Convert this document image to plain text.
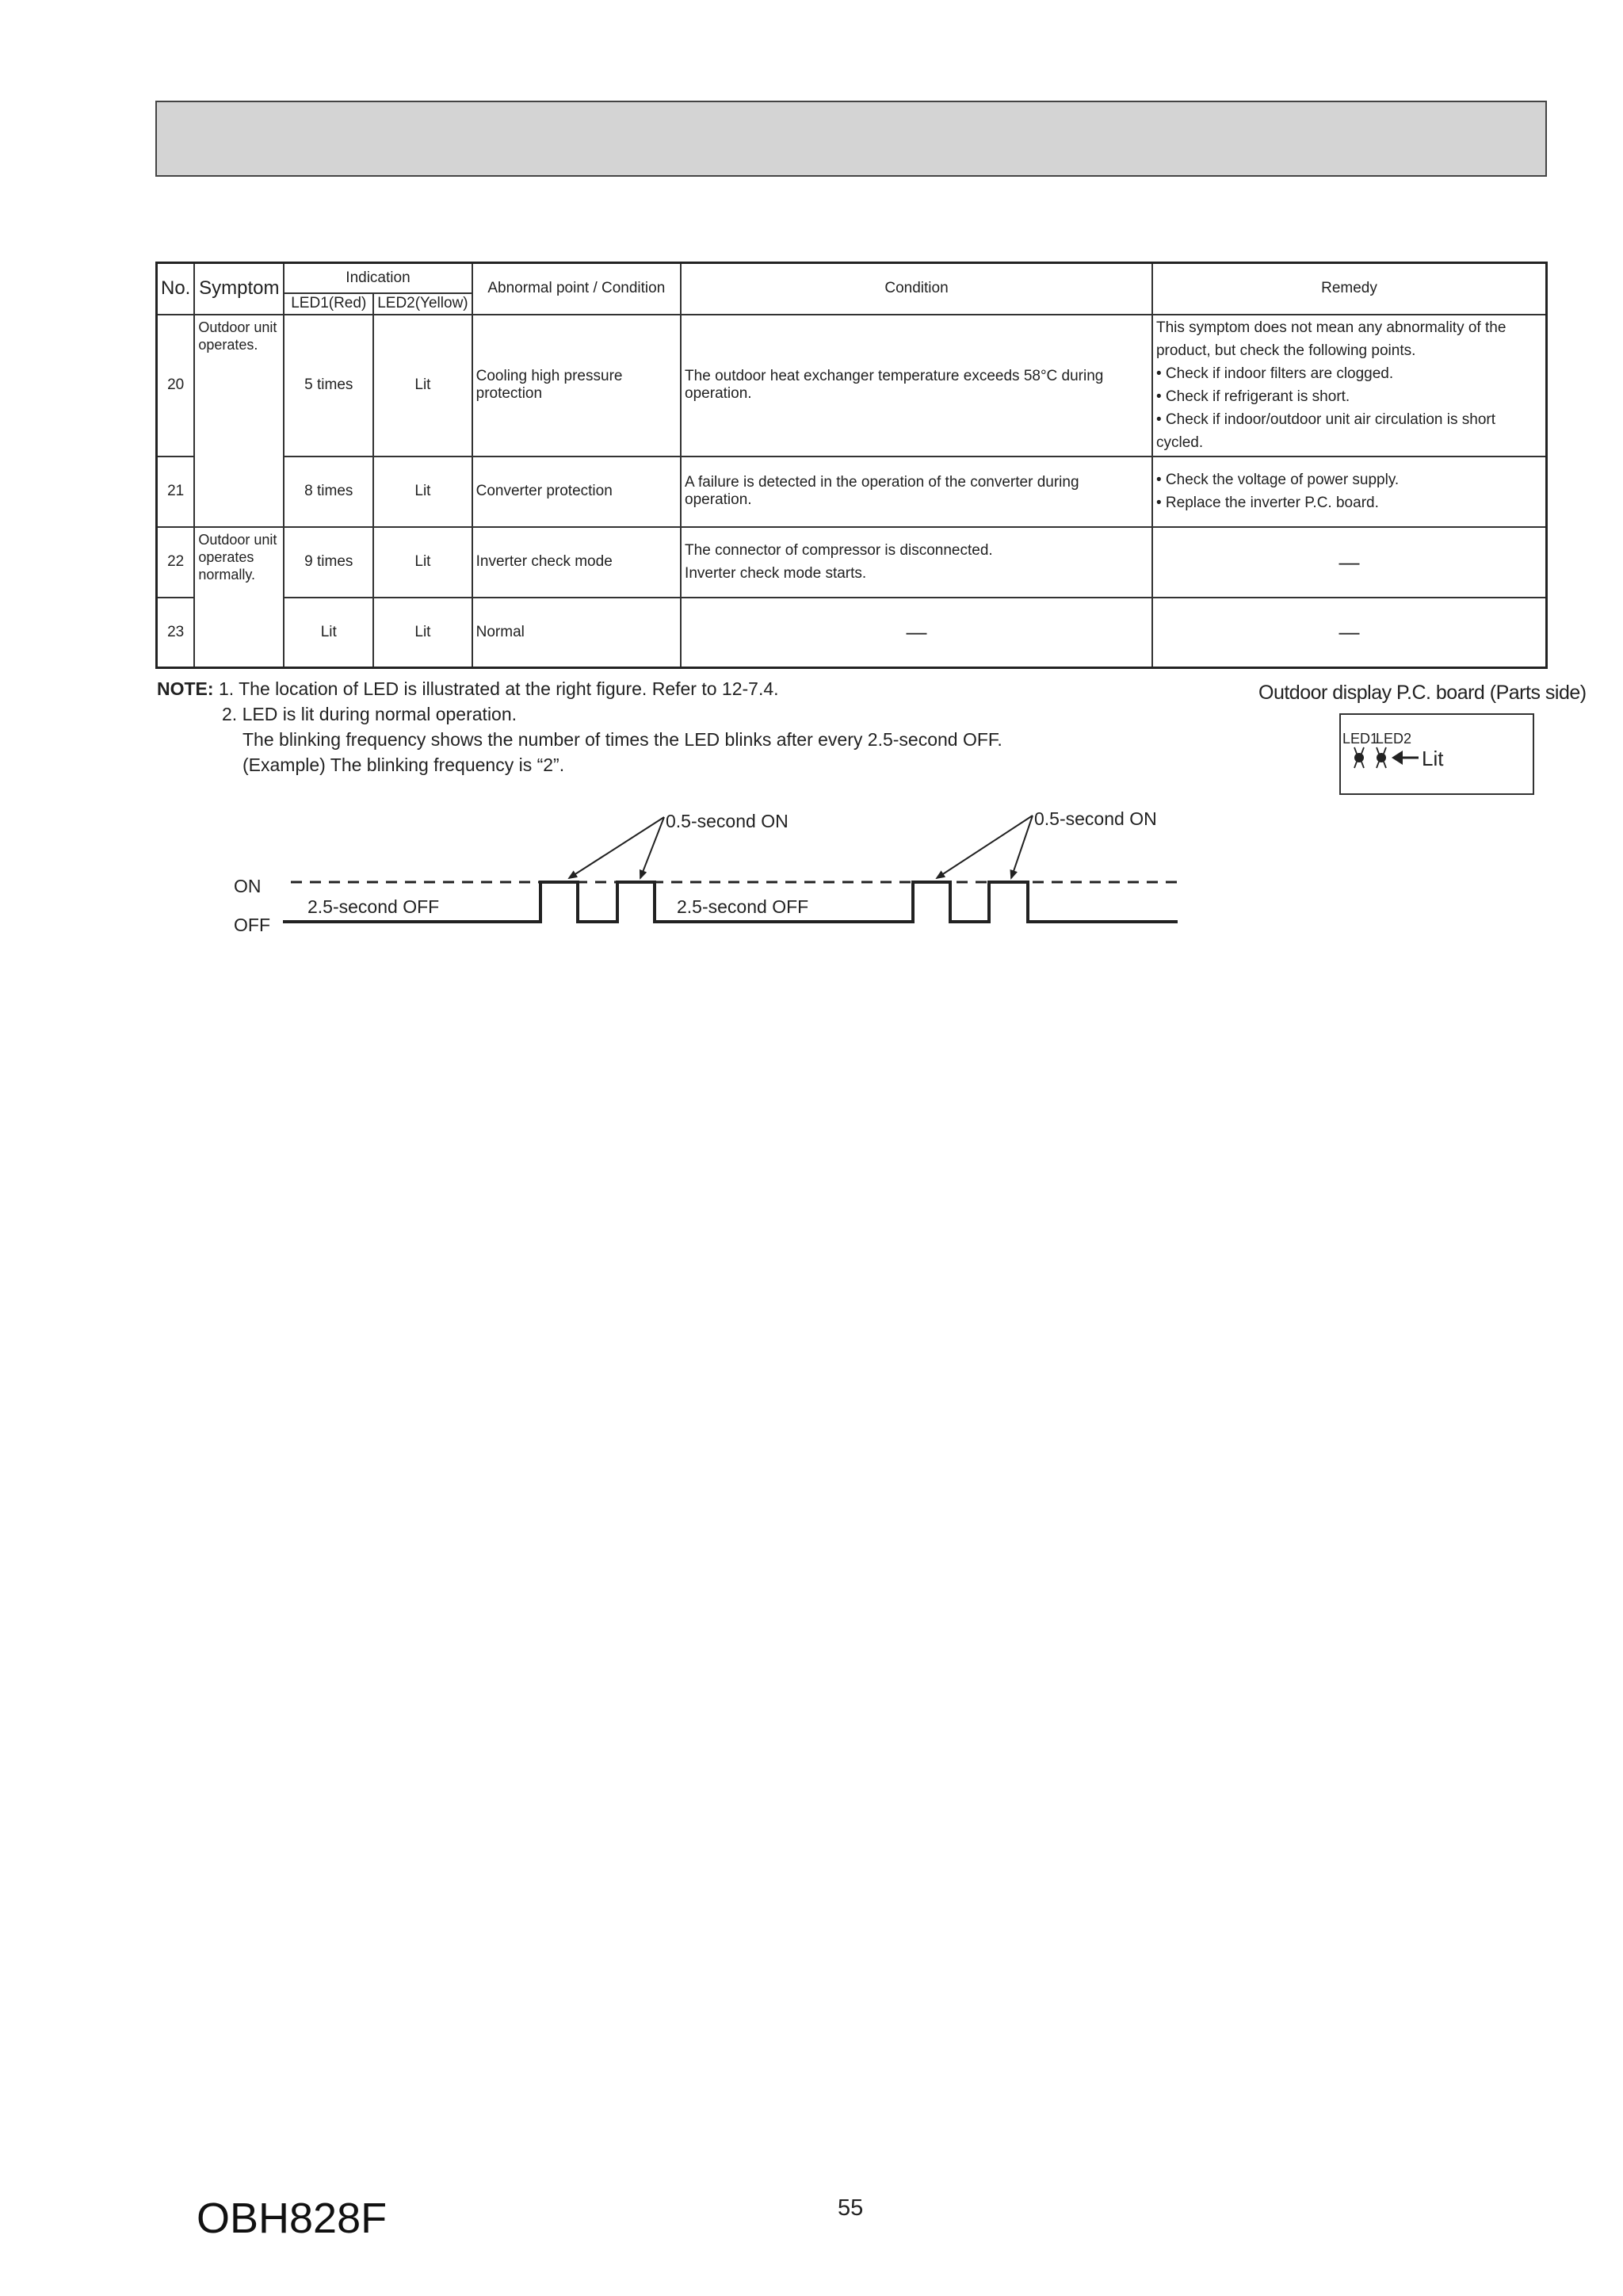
No.	Symptom	Indication		Abnormal point / Condition	Condition	Remedy
		LED1(Red)	LED2(Yellow)			
20	Outdoor unit operates.	5 times	Lit	Cooling high pressure protection	The outdoor heat exchanger temperature exceeds 58°C during operation.	This symptom does not mean any abnormality of the
product, but check the following points.
• Check if indoor filters are clogged.
• Check if refrigerant is short.
• Check if indoor/outdoor unit air circulation is short cycled.

21		8 times	Lit	Converter protection	A failure is detected in the operation of the converter during operation.	• Check the voltage of power supply.
• Replace the inverter P.C. board.

22	Outdoor unit operates normally.	9 times	Lit	Inverter check mode	The connector of compressor is disconnected.
Inverter check mode starts.	—
23		Lit	Lit	Normal	—	—
NOTE: 1. The location of LED is illustrated at the right figure. Refer to 12-7.4.
2. LED is lit during normal operation.
The blinking frequency shows the number of times the LED blinks after every 2.5-second OFF.
(Example) The blinking frequency is “2”.
Outdoor display P.C. board (Parts side)
LED1
LED2
Lit
ON
OFF
2.5-second OFF	2.5-second OFF
0.5-second ON	0.5-second ON
OBH828F	55
